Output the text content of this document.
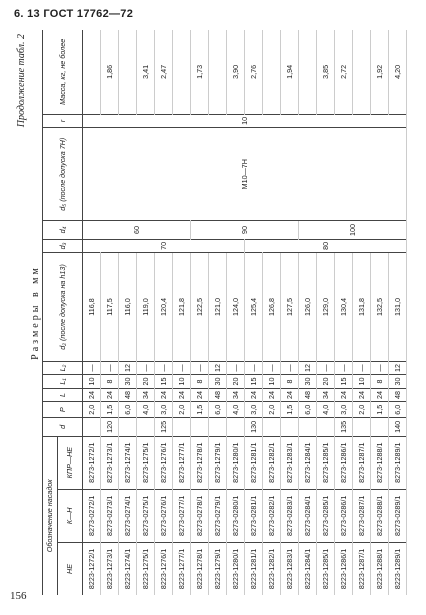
6. 13 ГОСТ 17762—72
156
Продолжение табл. 2
Размеры в мм
Обозначение насадок			d	P	L	L₁	L₂	d₂ (после допуска на h13)	d₃	d₄	d₅ (после допуска 7Н)	r	Масса, кг, не более
НЕ	К—Н	КПР—НЕ											
8223-1272/1	8273-0272/1	8273-1272/1		2,0	24	10	—	116,8	70	60	M10—7H	10	
8223-1273/1	8273-0273/1	8273-1273/1	120	1,5	24	8	—	117,5					1,86
8223-1274/1	8273-0274/1	8273-1274/1		6,0	48	30	12	116,0					
8223-1275/1	8273-0275/1	8273-1275/1		4,0	34	20	—	119,0					3,41
8223-1276/1	8273-0276/1	8273-1276/1	125	3,0	24	15	—	120,4					2,47
8223-1277/1	8273-0277/1	8273-1277/1		2,0	24	10	—	121,8					
8223-1278/1	8273-0278/1	8273-1278/1		1,5	24	8	—	122,5		90			1,73
8223-1279/1	8273-0279/1	8273-1279/1		6,0	48	30	12	121,0					
8223-1280/1	8273-0280/1	8273-1280/1		4,0	34	20	—	124,0					3,90
8223-1281/1	8273-0281/1	8273-1281/1	130	3,0	24	15	—	125,4	80				2,76
8223-1282/1	8273-0282/1	8273-1282/1		2,0	24	10	—	126,8					
8223-1283/1	8273-0283/1	8273-1283/1		1,5	24	8	—	127,5					1,94
8223-1284/1	8273-0284/1	8273-1284/1		6,0	48	30	12	126,0		100			
8223-1285/1	8273-0285/1	8273-1285/1		4,0	34	20	—	129,0					3,85
8223-1286/1	8273-0286/1	8273-1286/1	135	3,0	24	15	—	130,4					2,72
8223-1287/1	8273-0287/1	8273-1287/1		2,0	24	10	—	131,8					
8223-1288/1	8273-0288/1	8273-1288/1		1,5	24	8	—	132,5					1,92
8223-1289/1	8273-0289/1	8273-1289/1	140	6,0	48	30	12	131,0					4,20
